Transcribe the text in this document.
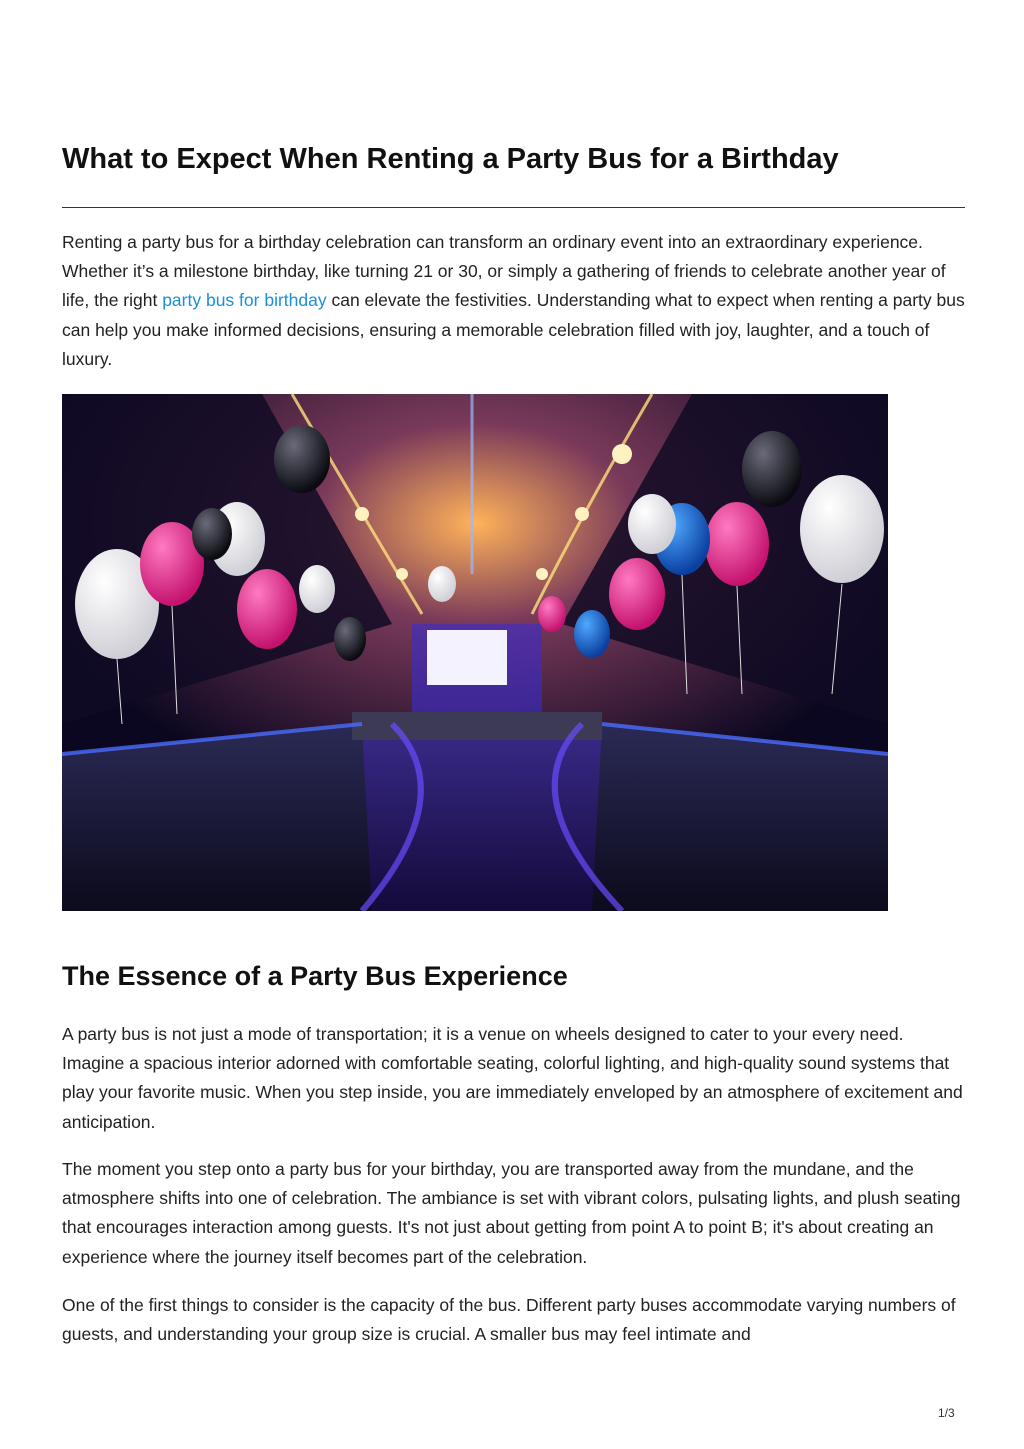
What to Expect When Renting a Party Bus for a Birthday

Renting a party bus for a birthday celebration can transform an ordinary event into an extraordinary experience. Whether it’s a milestone birthday, like turning 21 or 30, or simply a gathering of friends to celebrate another year of life, the right party bus for birthday can elevate the festivities. Understanding what to expect when renting a party bus can help you make informed decisions, ensuring a memorable celebration filled with joy, laughter, and a touch of luxury.

The Essence of a Party Bus Experience

A party bus is not just a mode of transportation; it is a venue on wheels designed to cater to your every need. Imagine a spacious interior adorned with comfortable seating, colorful lighting, and high-quality sound systems that play your favorite music. When you step inside, you are immediately enveloped by an atmosphere of excitement and anticipation.

The moment you step onto a party bus for your birthday, you are transported away from the mundane, and the atmosphere shifts into one of celebration. The ambiance is set with vibrant colors, pulsating lights, and plush seating that encourages interaction among guests. It's not just about getting from point A to point B; it's about creating an experience where the journey itself becomes part of the celebration.

One of the first things to consider is the capacity of the bus. Different party buses accommodate varying numbers of guests, and understanding your group size is crucial. A smaller bus may feel intimate and

1/3
